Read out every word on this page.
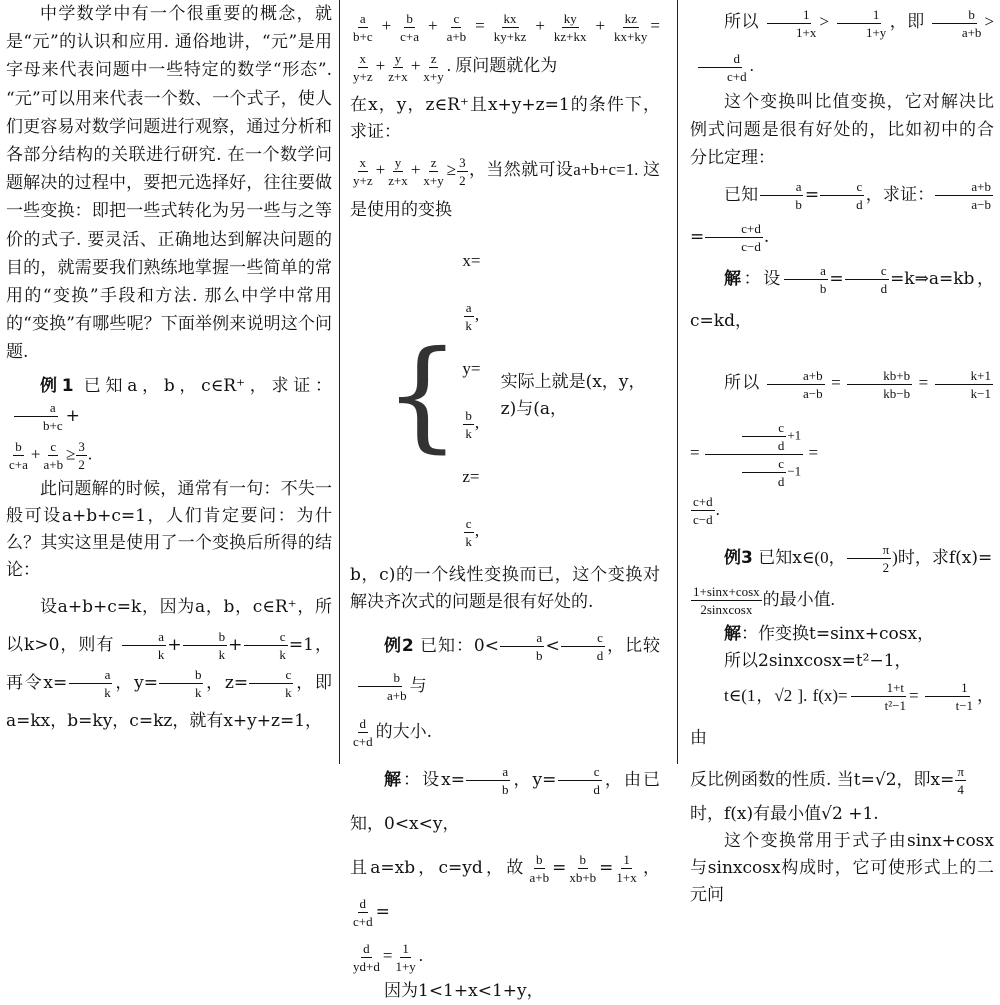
中学数学中有一个很重要的概念，就是“元”的认识和应用. 通俗地讲，“元”是用字母来代表问题中一些特定的数学“形态”. “元”可以用来代表一个数、一个式子，使人们更容易对数学问题进行观察，通过分析和各部分结构的关联进行研究. 在一个数学问题解决的过程中，要把元选择好，往往要做一些变换：即把一些式转化为另一些与之等价的式子. 要灵活、正确地达到解决问题的目的，就需要我们熟练地掌握一些简单的常用的“变换”手段和方法. 那么中学中常用的“变换”有哪些呢？下面举例来说明这个问题.

例1 已知a，b，c∈R⁺，求证：
$\frac{a}{b+c}$ +

$\frac{b}{c+a} + \frac{c}{a+b} \ge \frac{3}{2}$ .

此问题解的时候，通常有一句：不失一般可设a+b+c=1，人们肯定要问：为什么？其实这里是使用了一个变换后所得的结论：

设a+b+c=k，因为a，b，c∈R⁺，所以k>0，则有 $\frac{a}{k} + \frac{b}{k} + \frac{c}{k} =1$，再令$x= \frac{a}{k}$ ，$y= \frac{b}{k}$ ，$z= \frac{c}{k}$ ，即a=kx，b=ky，c=kz，就有x+y+z=1，

$\frac{a}{b+c} + \frac{b}{c+a} + \frac{c}{a+b} = \frac{kx}{ky+kz} + \frac{ky}{kz+kx} + \frac{kz}{kx+ky}$ =
$\frac{x}{y+z} + \frac{y}{z+x} + \frac{z}{x+y}$ . 原问题就化为

在x，y，z∈R⁺且x+y+z=1的条件下，求证：

$\frac{x}{y+z} + \frac{y}{z+x} + \frac{z}{x+y} \ge \frac{3}{2}$ ，当然就可设a+b+c=1. 这是使用的变换

{
x=
$\frac{a}{k}$ ,
y=
$\frac{b}{k}$ ,
z=
$\frac{c}{k}$ ,
实际上就是(x，y，z)与(a，

b，c)的一个线性变换而已，这个变换对解决齐次式的问题是很有好处的.

例2 已知：$0< \frac{a}{b} < \frac{c}{d}$ ，比较
$\frac{b}{a+b}$ 与

$\frac{d}{c+d}$ 的大小.

解：设$x= \frac{a}{b}$ ，$y= \frac{c}{d}$ ，由已知，0<x<y，

且a=xb，c=yd，故 $\frac{b}{a+b} = \frac{b}{xb+b} = \frac{1}{1+x}$ ，
$\frac{d}{c+d}$ =

$\frac{d}{yd+d} = \frac{1}{1+y}$ .

因为1<1+x<1+y，

所以 $\frac{1}{1+x} > \frac{1}{1+y}$ ，即 $\frac{b}{a+b}$ >
$\frac{d}{c+d}$ .

这个变换叫比值变换，它对解决比例式问题是很有好处的，比如初中的合分比定理：

已知 $\frac{a}{b} = \frac{c}{d}$ ，求证： $\frac{a+b}{a-b}$
= $\frac{c+d}{c-d}$ .

解：设 $\frac{a}{b} = \frac{c}{d}$ =k⇒a=kb，c=kd，

所以 $\frac{a+b}{a-b} = \frac{kb+b}{kb-b} = \frac{k+1}{k-1}$
= $\frac{\frac{c}{d} +1}{\frac{c}{d} -1}$ =

$\frac{c+d}{c-d}$ .

例3 已知x∈(0， $\frac{\pi}{2}$ )时，求f(x)=

$\frac{1+\sin x+\cos x}{\text{2sinxcosx}}$ 的最小值.

解：作变换t=sinx+cosx，

所以2sinxcosx=t²−1，

t∈(1，√2 ]. $f(x)= \frac{1+t}{\text{t²−1}} = \frac{1}{t-1}$ ，由

反比例函数的性质. 当t=√2，即$x= \frac{\pi}{4}$

时，f(x)有最小值√2 +1.

这个变换常用于式子由sinx+cosx与sinxcosx构成时，它可使形式上的二元问
